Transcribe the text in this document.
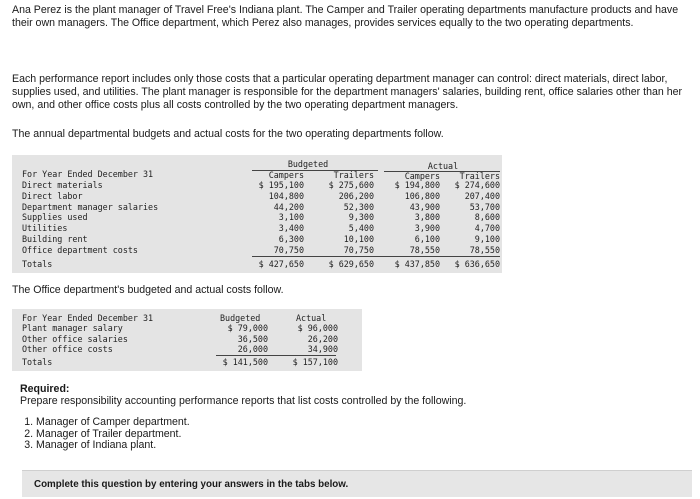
Ana Perez is the plant manager of Travel Free's Indiana plant. The Camper and Trailer operating departments manufacture products and have their own managers. The Office department, which Perez also manages, provides services equally to the two operating departments.

Each performance report includes only those costs that a particular operating department manager can control: direct materials, direct labor, supplies used, and utilities. The plant manager is responsible for the department managers' salaries, building rent, office salaries other than her own, and other office costs plus all costs controlled by the two operating department managers.

The annual departmental budgets and actual costs for the two operating departments follow.

Budgeted	Actual
For Year Ended December 31	Campers	Trailers	Campers	Trailers
Direct materials	$ 195,100	$ 275,600	$ 194,800	$ 274,600
Direct labor	104,800	206,200	106,800	207,400
Department manager salaries	44,200	52,300	43,900	53,700
Supplies used	3,100	9,300	3,800	8,600
Utilities	3,400	5,400	3,900	4,700
Building rent	6,300	10,100	6,100	9,100
Office department costs	70,750	70,750	78,550	78,550
Totals	$ 427,650	$ 629,650	$ 437,850	$ 636,650

The Office department's budgeted and actual costs follow.

For Year Ended December 31	Budgeted	Actual
Plant manager salary	$ 79,000	$ 96,000
Other office salaries	36,500	26,200
Other office costs	26,000	34,900
Totals	$ 141,500	$ 157,100
Required:
Prepare responsibility accounting performance reports that list costs controlled by the following.
1. Manager of Camper department.
2. Manager of Trailer department.
3. Manager of Indiana plant.
Complete this question by entering your answers in the tabs below.
